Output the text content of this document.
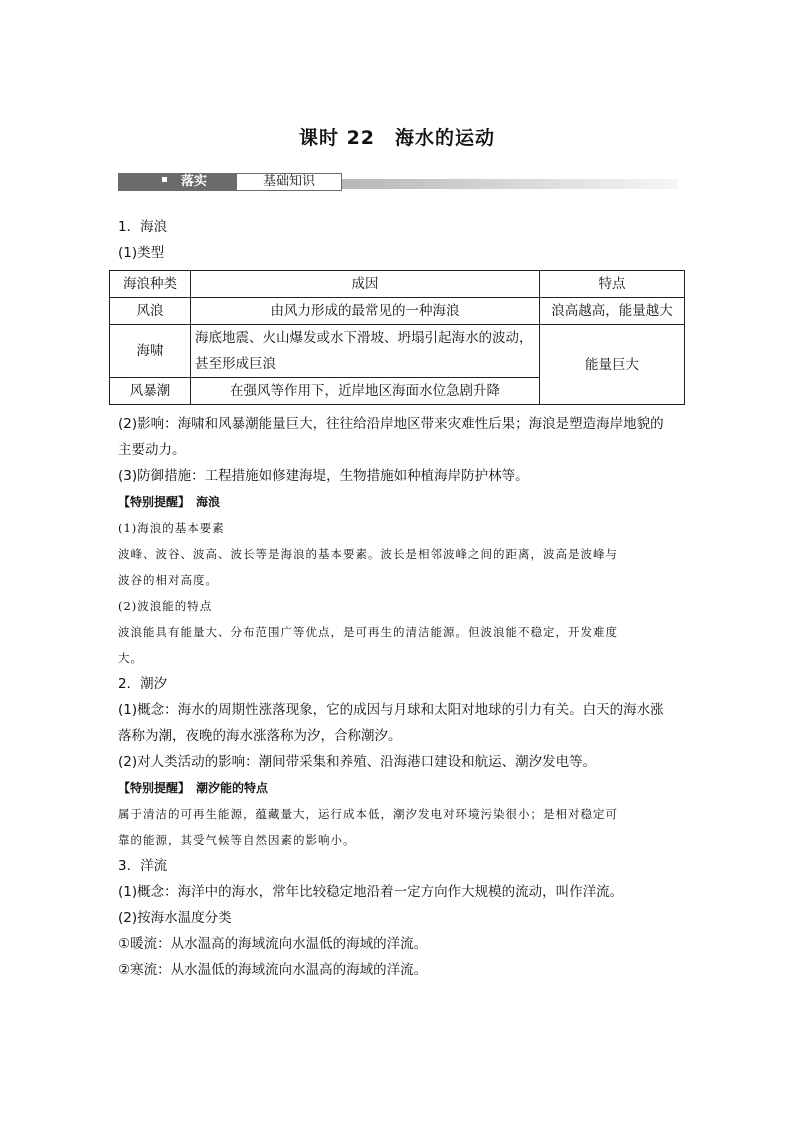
课时 22　海水的运动
落实	基础知识
1．海浪
(1)类型
海浪种类	成因	特点
风浪	由风力形成的最常见的一种海浪	浪高越高，能量越大
海啸	海底地震、火山爆发或水下滑坡、坍塌引起海水的波动，
甚至形成巨浪	能量巨大
风暴潮	在强风等作用下，近岸地区海面水位急剧升降	
(2)影响：海啸和风暴潮能量巨大，往往给沿岸地区带来灾难性后果；海浪是塑造海岸地貌的
主要动力。
(3)防御措施：工程措施如修建海堤，生物措施如种植海岸防护林等。
【特别提醒】　海浪
(1)海浪的基本要素
波峰、波谷、波高、波长等是海浪的基本要素。波长是相邻波峰之间的距离，波高是波峰与
波谷的相对高度。
(2)波浪能的特点
波浪能具有能量大、分布范围广等优点，是可再生的清洁能源。但波浪能不稳定，开发难度
大。
2．潮汐
(1)概念：海水的周期性涨落现象，它的成因与月球和太阳对地球的引力有关。白天的海水涨
落称为潮，夜晚的海水涨落称为汐，合称潮汐。
(2)对人类活动的影响：潮间带采集和养殖、沿海港口建设和航运、潮汐发电等。
【特别提醒】　潮汐能的特点
属于清洁的可再生能源，蕴藏量大，运行成本低，潮汐发电对环境污染很小；是相对稳定可
靠的能源，其受气候等自然因素的影响小。
3．洋流
(1)概念：海洋中的海水，常年比较稳定地沿着一定方向作大规模的流动，叫作洋流。
(2)按海水温度分类
①暖流：从水温高的海域流向水温低的海域的洋流。
②寒流：从水温低的海域流向水温高的海域的洋流。
